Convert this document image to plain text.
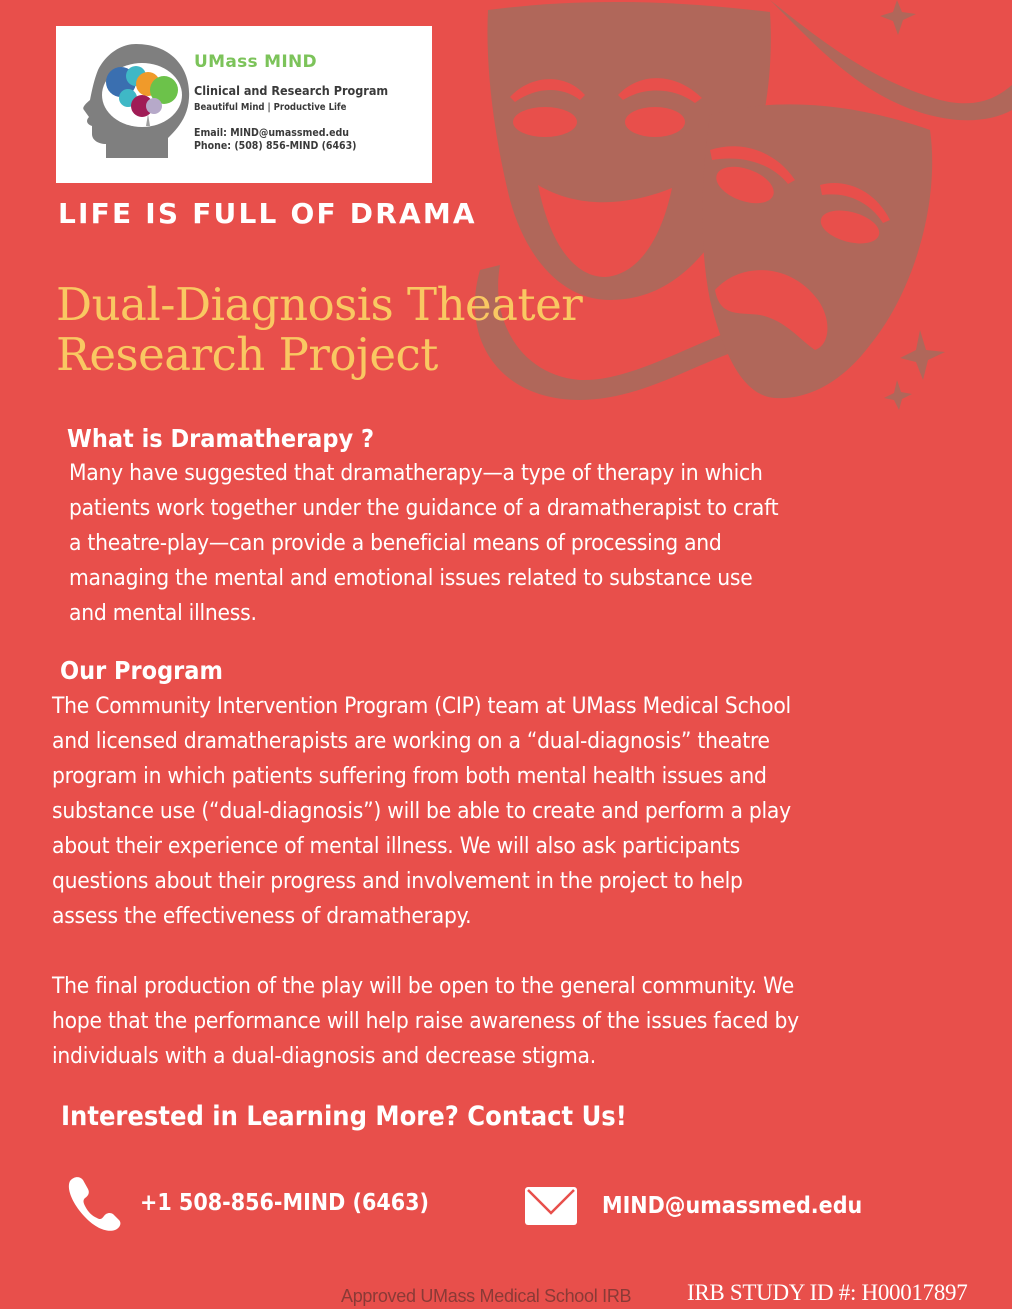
UMass MIND
Clinical and Research Program
Beautiful Mind | Productive Life
Email: MIND@umassmed.edu
Phone: (508) 856-MIND (6463)
LIFE IS FULL OF DRAMA
Dual-Diagnosis Theater
Research Project
What is Dramatherapy ?
Many have suggested that dramatherapy—a type of therapy in which
patients work together under the guidance of a dramatherapist to craft
a theatre-play—can provide a beneficial means of processing and
managing the mental and emotional issues related to substance use
and mental illness.
Our Program
The Community Intervention Program (CIP) team at UMass Medical School
and licensed dramatherapists are working on a “dual-diagnosis” theatre
program in which patients suffering from both mental health issues and
substance use (“dual-diagnosis”) will be able to create and perform a play
about their experience of mental illness. We will also ask participants
questions about their progress and involvement in the project to help
assess the effectiveness of dramatherapy.
The final production of the play will be open to the general community. We
hope that the performance will help raise awareness of the issues faced by
individuals with a dual-diagnosis and decrease stigma.
Interested in Learning More? Contact Us!
+1 508-856-MIND (6463)	MIND@umassmed.edu
Approved UMass Medical School IRB IRB STUDY ID #: H00017897
